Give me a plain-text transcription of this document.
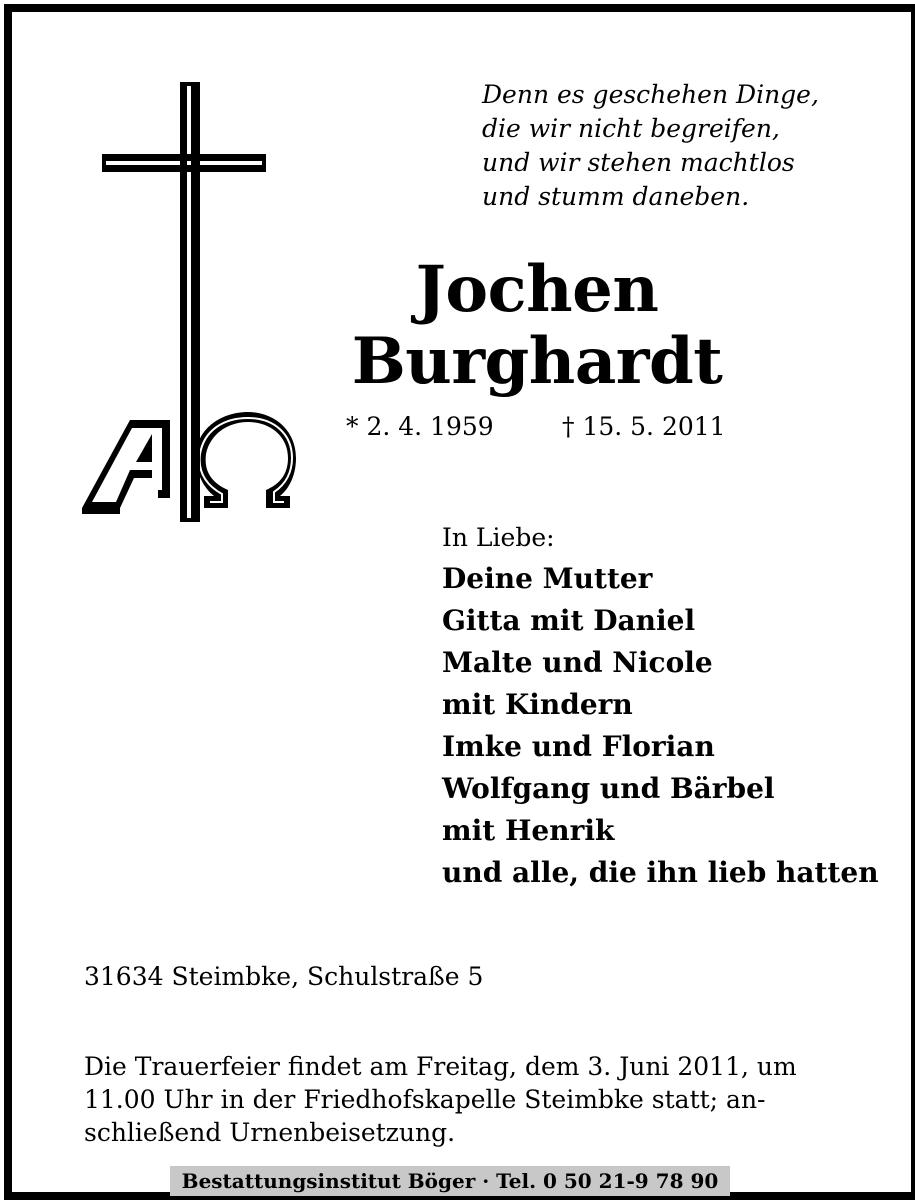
Denn es geschehen Dinge,
die wir nicht begreifen,
und wir stehen machtlos
und stumm daneben.
Jochen
Burghardt
* 2. 4. 1959	† 15. 5. 2011
In Liebe:
Deine Mutter
Gitta mit Daniel
Malte und Nicole
mit Kindern
Imke und Florian
Wolfgang und Bärbel
mit Henrik
und alle, die ihn lieb hatten
31634 Steimbke, Schulstraße 5
Die Trauerfeier findet am Freitag, dem 3. Juni 2011, um
11.00 Uhr in der Friedhofskapelle Steimbke statt; an-
schließend Urnenbeisetzung.
Bestattungsinstitut Böger · Tel. 0 50 21-9 78 90
